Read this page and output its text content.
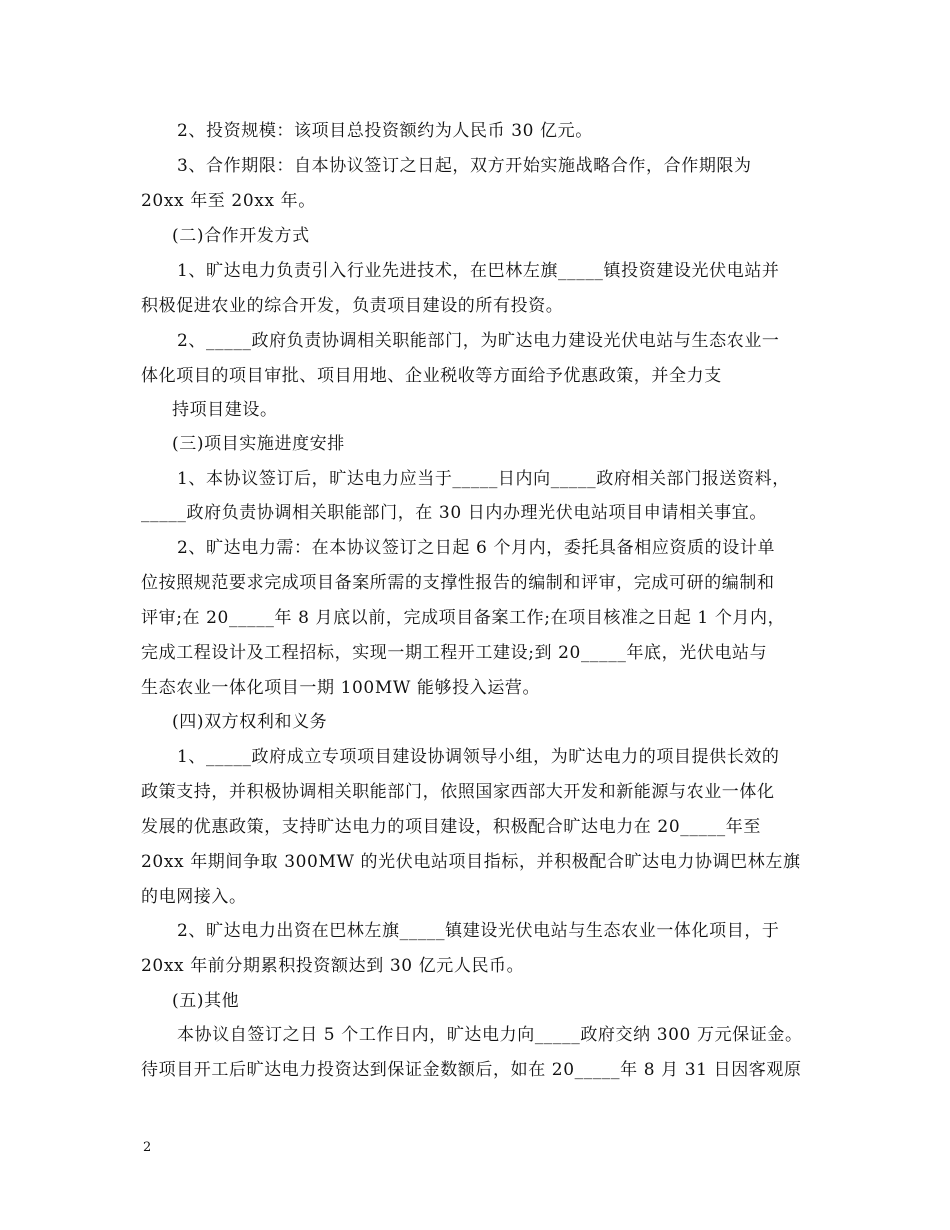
2、投资规模：该项目总投资额约为人民币 30 亿元。
3、合作期限：自本协议签订之日起，双方开始实施战略合作，合作期限为
20xx 年至 20xx 年。
(二)合作开发方式
1、旷达电力负责引入行业先进技术，在巴林左旗_____镇投资建设光伏电站并
积极促进农业的综合开发，负责项目建设的所有投资。
2、_____政府负责协调相关职能部门，为旷达电力建设光伏电站与生态农业一
体化项目的项目审批、项目用地、企业税收等方面给予优惠政策，并全力支
持项目建设。
(三)项目实施进度安排
1、本协议签订后，旷达电力应当于_____日内向_____政府相关部门报送资料，
_____政府负责协调相关职能部门，在 30 日内办理光伏电站项目申请相关事宜。
2、旷达电力需：在本协议签订之日起 6 个月内，委托具备相应资质的设计单
位按照规范要求完成项目备案所需的支撑性报告的编制和评审，完成可研的编制和
评审;在 20_____年 8 月底以前，完成项目备案工作;在项目核准之日起 1 个月内，
完成工程设计及工程招标，实现一期工程开工建设;到 20_____年底，光伏电站与
生态农业一体化项目一期 100MW 能够投入运营。
(四)双方权利和义务
1、_____政府成立专项项目建设协调领导小组，为旷达电力的项目提供长效的
政策支持，并积极协调相关职能部门，依照国家西部大开发和新能源与农业一体化
发展的优惠政策，支持旷达电力的项目建设，积极配合旷达电力在 20_____年至
20xx 年期间争取 300MW 的光伏电站项目指标，并积极配合旷达电力协调巴林左旗
的电网接入。
2、旷达电力出资在巴林左旗_____镇建设光伏电站与生态农业一体化项目，于
20xx 年前分期累积投资额达到 30 亿元人民币。
(五)其他
本协议自签订之日 5 个工作日内，旷达电力向_____政府交纳 300 万元保证金。
待项目开工后旷达电力投资达到保证金数额后，如在 20_____年 8 月 31 日因客观原
2
